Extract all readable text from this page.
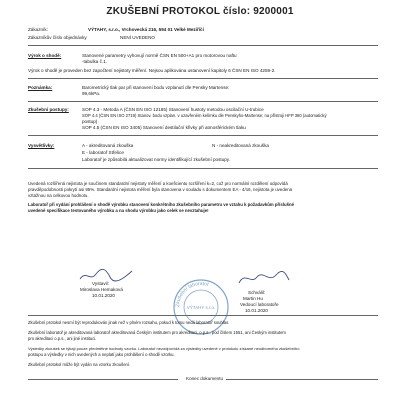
ZKUŠEBNÍ PROTOKOL číslo: 9200001
Zákazník:	VÝTAHY, s.r.o., Vrchovecká 216, 594 01 Velké Meziříčí
Zákazníkův číslo objednávky	NENÍ UVEDENO
Výrok o shodě:	Stanovené parametry vyhovují normě ČSN EN 500+A1 pro motorovou naftu
-tabulka č.1.
Výrok o shodě je proveden bez započtení nejistoty měření. Nejsou aplikována ustanovení kapitoly 6 ČSN EN ISO 4259-2.
Poznámka:	Barometrický tlak par při stanovení bodu vzplanutí dle Pensky Martense:
99,6kPa.
Zkušební postupy:	SOP 4.3 - Metoda A (ČSN EN ISO 12185) Stanovení hustoty metodou oscilační U-trubice
SOP 4.4 (ČSN EN ISO 2719) Stanov. bodu vzplan. v uzavřeném kelímku dle Penskyho-Martense; na přístroji HFP 360 (automatický
postup)
SOP 4.5 (ČSN EN ISO 3405) Stanovení destilační křivky při atmosférickém tlaku
Vysvětlivky:	A - akreditovaná zkouška	N - neakreditovaná zkouška
E - laboratoř Střelice
Laboratoř je způsobilá aktualizovat normy identifikující zkušební postupy.
Uvedená rozšířená nejistota je součinem standardní nejistoty měření a koeficientu rozšíření k=2, což pro normální rozdělení odpovídá
pravděpodobnosti pokrytí asi 95%. Standardní nejistota měření byla stanovena v souladu s dokumentem EA - 4/16, nejistota je uvedena
vztažnou na celkovou hodnotu.
Laboratoř při vydání prohlášení o shodě výrobku stanovení konkrétního zkušebního parametru ve vztahu k požadavkům příslušné
uvedené specifikace testovaného výrobku a na shodu výrobku jako celek se nevztahuje!
Vystavil:
Miroslava Hemaková
10.01.2020
Schválil:
Martin Hu
Vedoucí laboratoře
10.01.2020
Zkušební laboratoř
VÝTAHY s.r.o.
Zkušební protokol nesmí být reprodukován jinak než v plném rozsahu, pokud k tomu nedá laboratoř souhlas.
Zkušební laboratoř je akreditovaná laboratoř akreditovaná Českým institutem pro akreditaci, o.p.s., pod číslem 1551, ani Českým institutem
pro akreditaci o.p.s., ani jiné instituci.
Výsledky zkoušek se týkají pouze předmětné hodnoty vzorku. Laboratoř nezodpovídá za výsledky uvedené v protokolu získané neodborného zkušebního
postupu a výsledky v nich uvedených a neplatí jako prohlášení o shodě vzorku.
Zkušební protokol může být vydán na vzorku zkoušení.
Konec dokumentu
